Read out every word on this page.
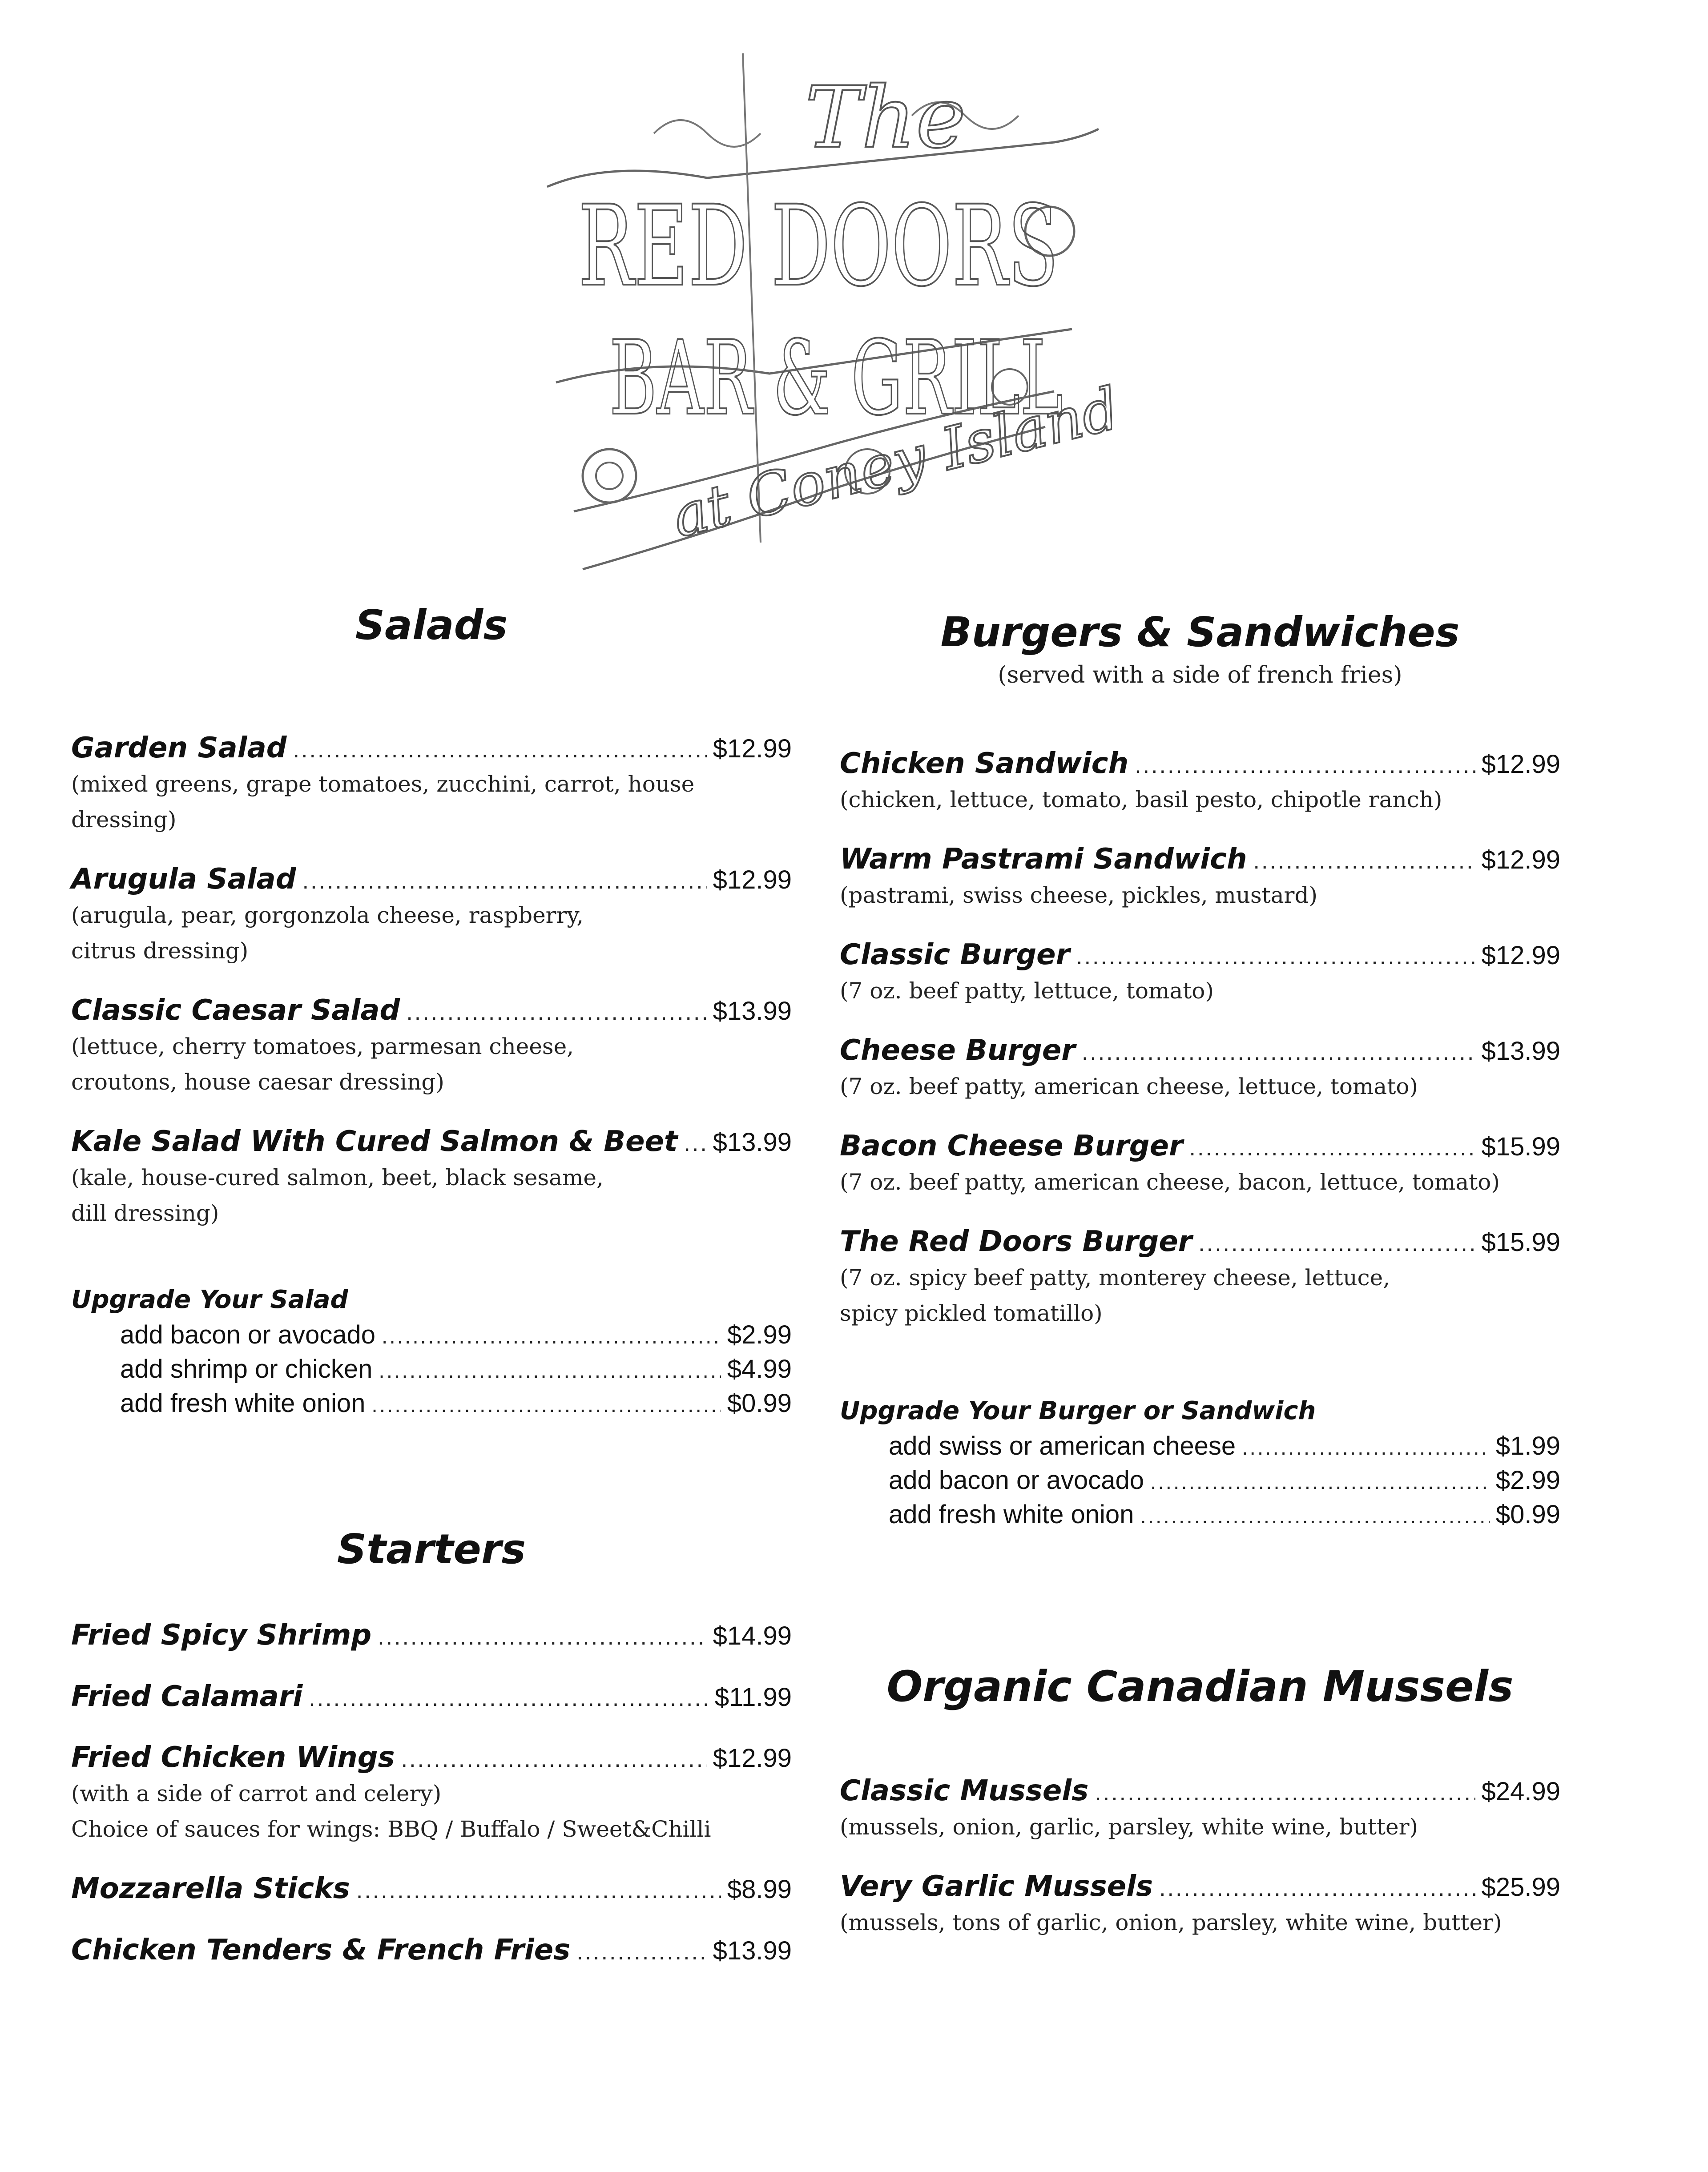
The
RED DOORS
BAR & GRILL
at Coney Island
Salads
Garden Salad .....	$12.99
(mixed greens, grape tomatoes, zucchini, carrot, house
dressing)
Arugula Salad .....	$12.99
(arugula, pear, gorgonzola cheese, raspberry,
citrus dressing)
Classic Caesar Salad .....	$13.99
(lettuce, cherry tomatoes, parmesan cheese,
croutons, house caesar dressing)
Kale Salad With Cured Salmon & Beet ..... $13.99
(kale, house-cured salmon, beet, black sesame,
dill dressing)
Upgrade Your Salad
add bacon or avocado .....	$2.99
add shrimp or chicken .....	$4.99
add fresh white onion .....	$0.99
Starters
Fried Spicy Shrimp .....	$14.99
Fried Calamari .....	$11.99
Fried Chicken Wings .....	$12.99
(with a side of carrot and celery)
Choice of sauces for wings: BBQ / Buffalo / Sweet&Chilli
Mozzarella Sticks .....	$8.99
Chicken Tenders & French Fries .....	$13.99
Burgers & Sandwiches
(served with a side of french fries)
Chicken Sandwich .....	$12.99
(chicken, lettuce, tomato, basil pesto, chipotle ranch)
Warm Pastrami Sandwich .....	$12.99
(pastrami, swiss cheese, pickles, mustard)
Classic Burger .....	$12.99
(7 oz. beef patty, lettuce, tomato)
Cheese Burger .....	$13.99
(7 oz. beef patty, american cheese, lettuce, tomato)
Bacon Cheese Burger .....	$15.99
(7 oz. beef patty, american cheese, bacon, lettuce, tomato)
The Red Doors Burger .....	$15.99
(7 oz. spicy beef patty, monterey cheese, lettuce,
spicy pickled tomatillo)
Upgrade Your Burger or Sandwich
add swiss or american cheese .....	$1.99
add bacon or avocado .....	$2.99
add fresh white onion .....	$0.99
Organic Canadian Mussels
Classic Mussels .....	$24.99
(mussels, onion, garlic, parsley, white wine, butter)
Very Garlic Mussels .....	$25.99
(mussels, tons of garlic, onion, parsley, white wine, butter)
